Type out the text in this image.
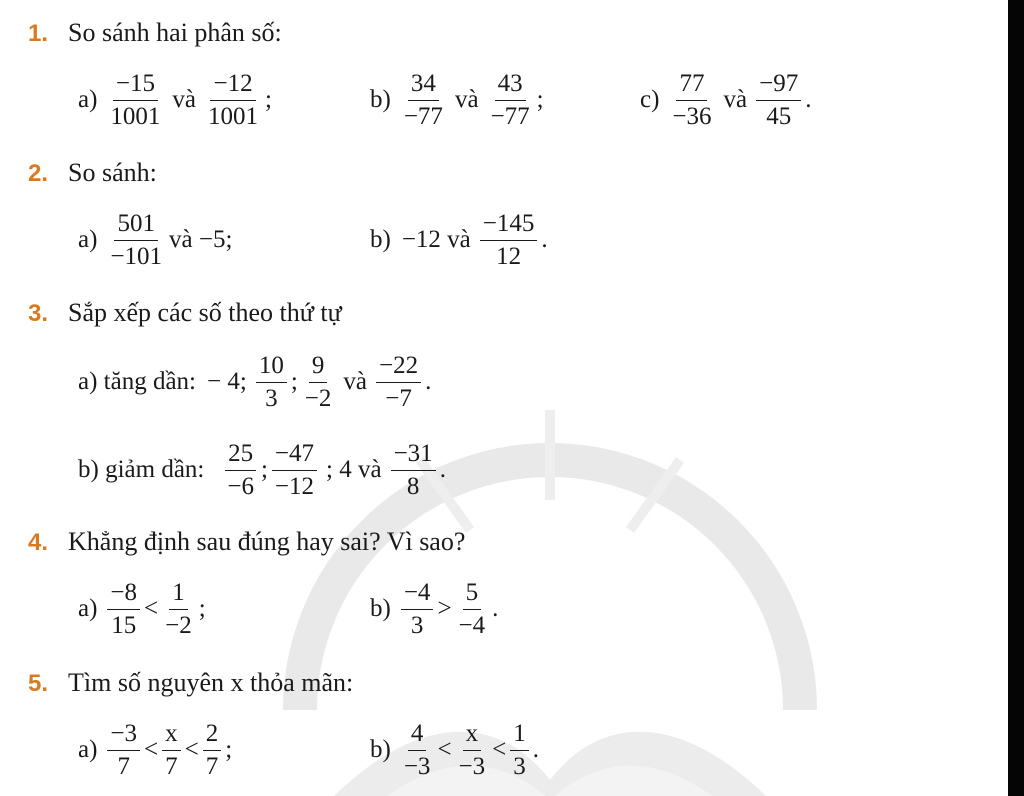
1. So sánh hai phân số:
$a) \frac{-15}{1001}$ và $\frac{-12}{1001}$ ;	$b) \frac{34}{-77}$ và $\frac{43}{-77}$ ;	$c) \frac{77}{-36}$ và $\frac{-97}{45}$ .
2. So sánh:
$a) \frac{501}{-101}$ và −5;	b) −12 và $\frac{-145}{12}$ .
3. Sắp xếp các số theo thứ tự
a) tăng dần: − 4; $\frac{10}{3}$ ; $\frac{9}{-2}$ và $\frac{-22}{-7}$ .
b) giảm dần: $\frac{25}{-6}$ ; $\frac{-47}{-12}$ ; 4 và $\frac{-31}{8}$ .
4. Khẳng định sau đúng hay sai? Vì sao?
$a) \frac{-8}{15} < \frac{1}{-2}$ ;	$b) \frac{-4}{3} > \frac{5}{-4}$ .
5. Tìm số nguyên x thỏa mãn:
$a) \frac{-3}{7} < \frac{x}{7} < \frac{2}{7}$ ;	$b) \frac{4}{-3} < \frac{x}{-3} < \frac{1}{3}$ .
